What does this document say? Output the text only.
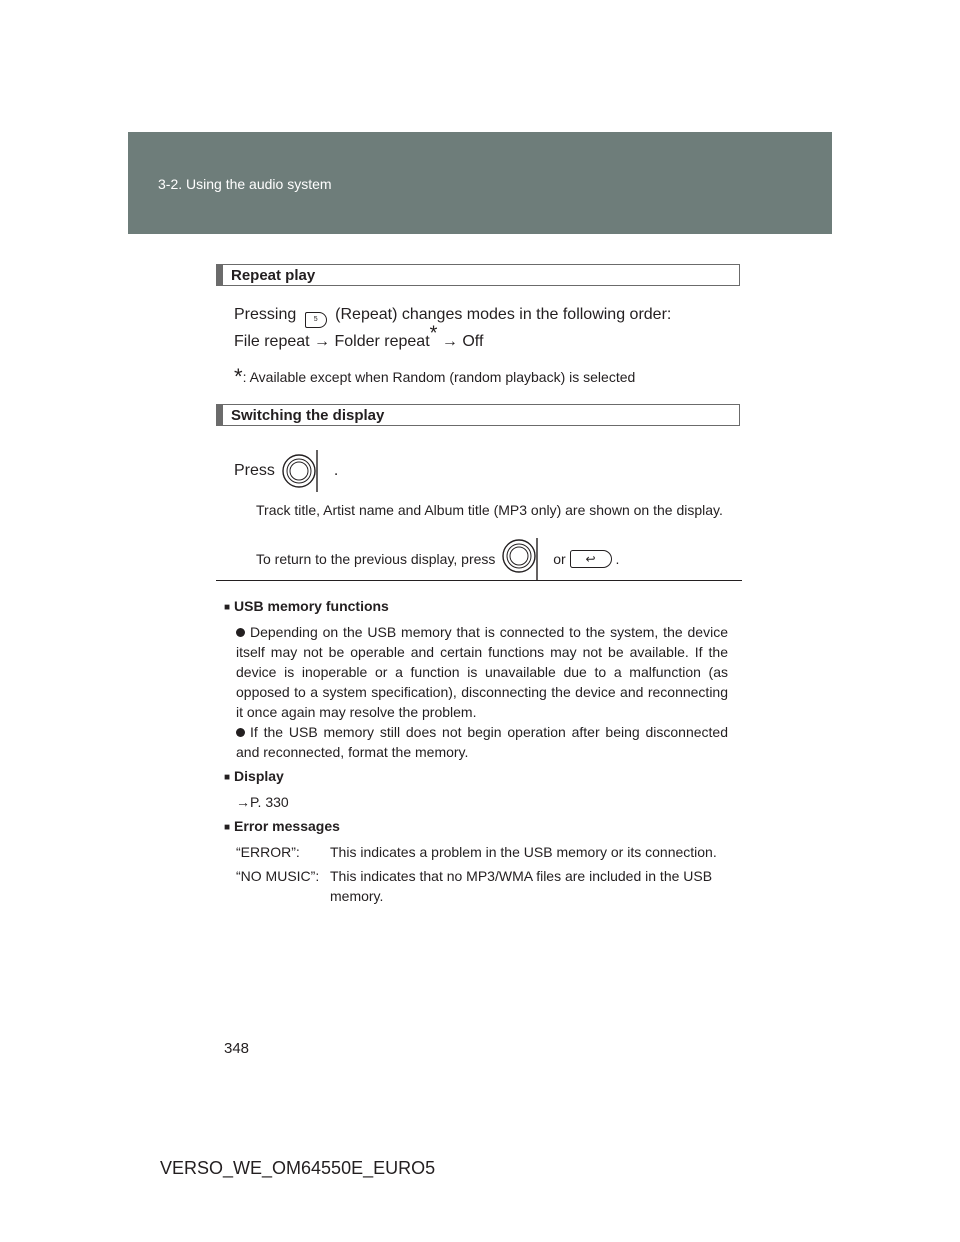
3-2. Using the audio system
Repeat play
Pressing	5 (Repeat) changes modes in the following order:
File repeat → Folder repeat* → Off
*: Available except when Random (random playback) is selected
Switching the display
Press	.
Track title, Artist name and Album title (MP3 only) are shown on the display.
To return to the previous display, press	or ↩ .
■ USB memory functions
Depending on the USB memory that is connected to the system, the device itself may not be operable and certain functions may not be available. If the device is inoperable or a function is unavailable due to a malfunction (as opposed to a system specification), disconnecting the device and reconnecting it once again may resolve the problem.
If the USB memory still does not begin operation after being disconnected and reconnected, format the memory.
■ Display
→P. 330
■ Error messages
“ERROR”:	This indicates a problem in the USB memory or its connection.
“NO MUSIC”: This indicates that no MP3/WMA files are included in the USB memory.
348
VERSO_WE_OM64550E_EURO5
